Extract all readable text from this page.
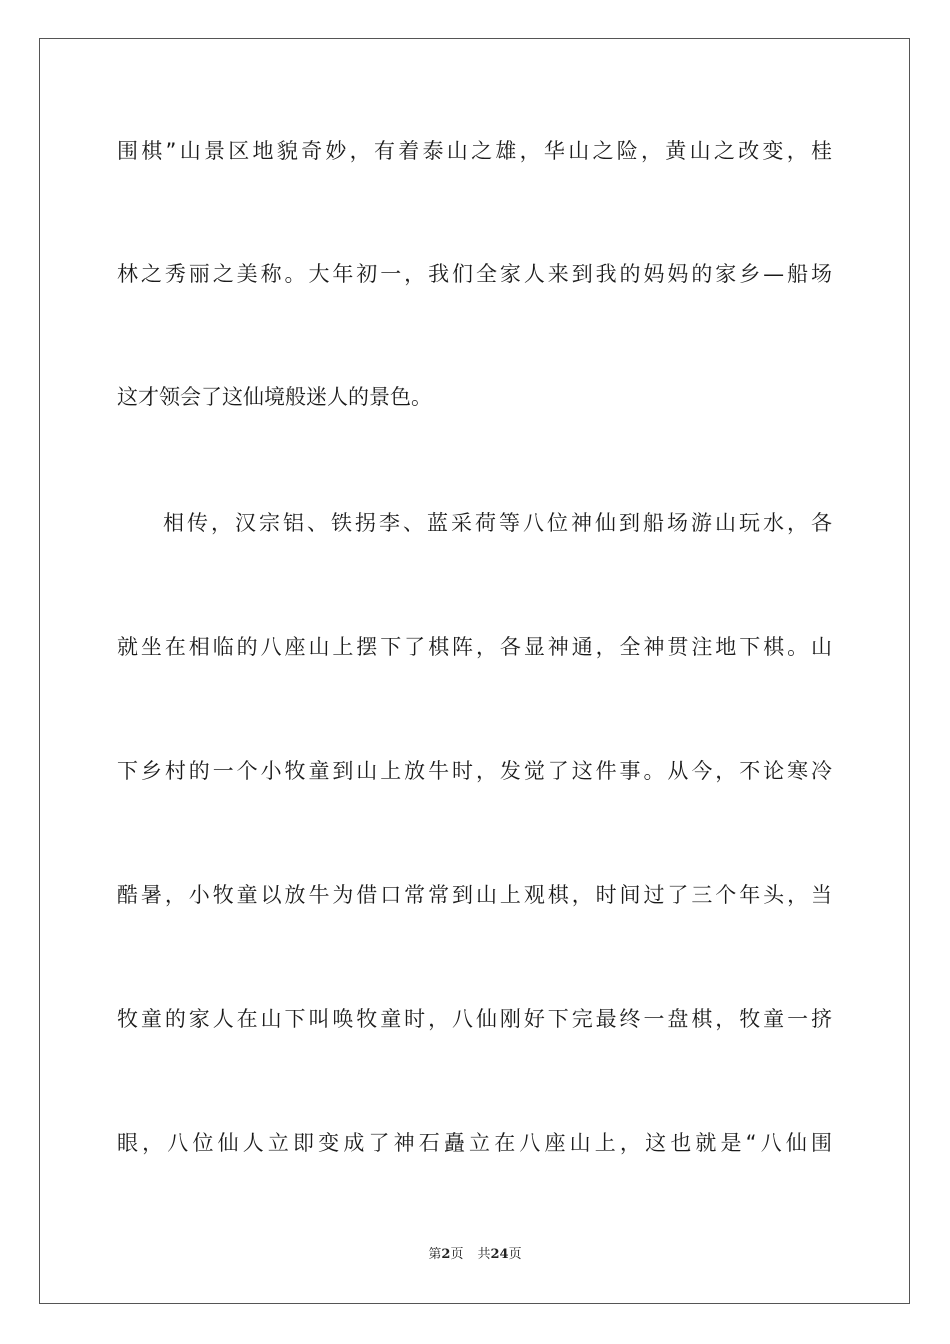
围棋”山景区地貌奇妙，有着泰山之雄，华山之险，黄山之改变，桂
林之秀丽之美称。大年初一，我们全家人来到我的妈妈的家乡—船场
这才领会了这仙境般迷人的景色。
相传，汉宗铝、铁拐李、蓝采荷等八位神仙到船场游山玩水，各
就坐在相临的八座山上摆下了棋阵，各显神通，全神贯注地下棋。山
下乡村的一个小牧童到山上放牛时，发觉了这件事。从今，不论寒冷
酷暑，小牧童以放牛为借口常常到山上观棋，时间过了三个年头，当
牧童的家人在山下叫唤牧童时，八仙刚好下完最终一盘棋，牧童一挤
眼，八位仙人立即变成了神石矗立在八座山上，这也就是“八仙围
第2页 共24页
